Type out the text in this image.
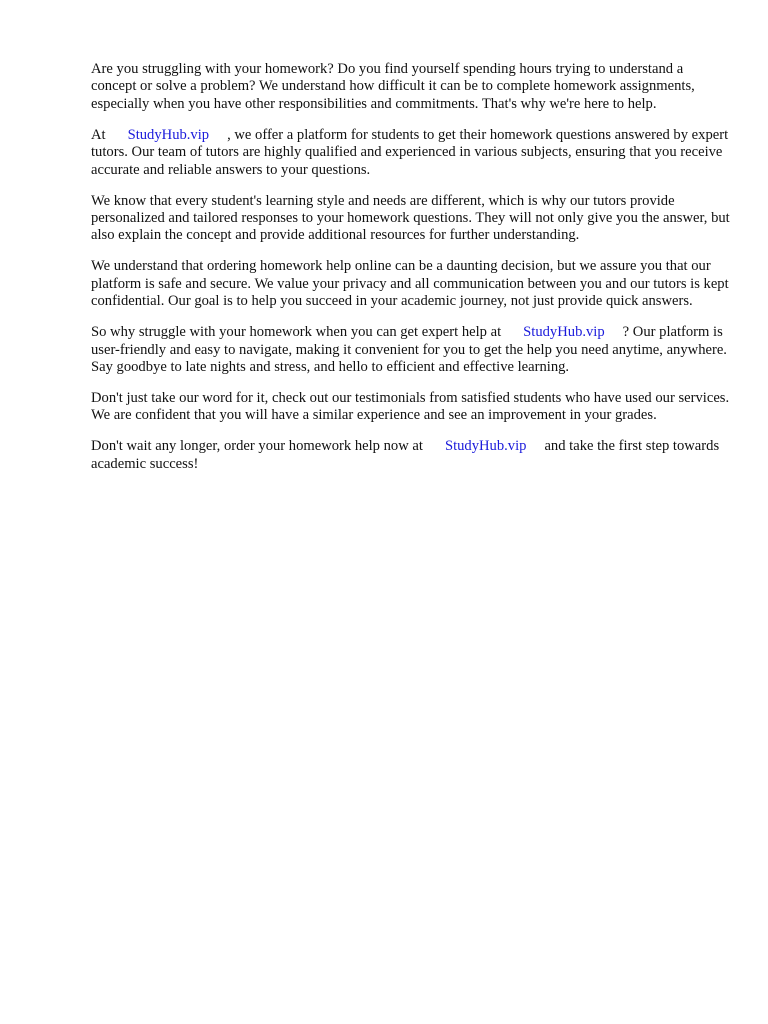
Are you struggling with your homework? Do you find yourself spending hours trying to understand a concept or solve a problem? We understand how difficult it can be to complete homework assignments, especially when you have other responsibilities and commitments. That's why we're here to help.

At StudyHub.vip , we offer a platform for students to get their homework questions answered by expert tutors. Our team of tutors are highly qualified and experienced in various subjects, ensuring that you receive accurate and reliable answers to your questions.

We know that every student's learning style and needs are different, which is why our tutors provide personalized and tailored responses to your homework questions. They will not only give you the answer, but also explain the concept and provide additional resources for further understanding.

We understand that ordering homework help online can be a daunting decision, but we assure you that our platform is safe and secure. We value your privacy and all communication between you and our tutors is kept confidential. Our goal is to help you succeed in your academic journey, not just provide quick answers.

So why struggle with your homework when you can get expert help at StudyHub.vip ? Our platform is user-friendly and easy to navigate, making it convenient for you to get the help you need anytime, anywhere. Say goodbye to late nights and stress, and hello to efficient and effective learning.

Don't just take our word for it, check out our testimonials from satisfied students who have used our services. We are confident that you will have a similar experience and see an improvement in your grades.

Don't wait any longer, order your homework help now at StudyHub.vip and take the first step towards academic success!
